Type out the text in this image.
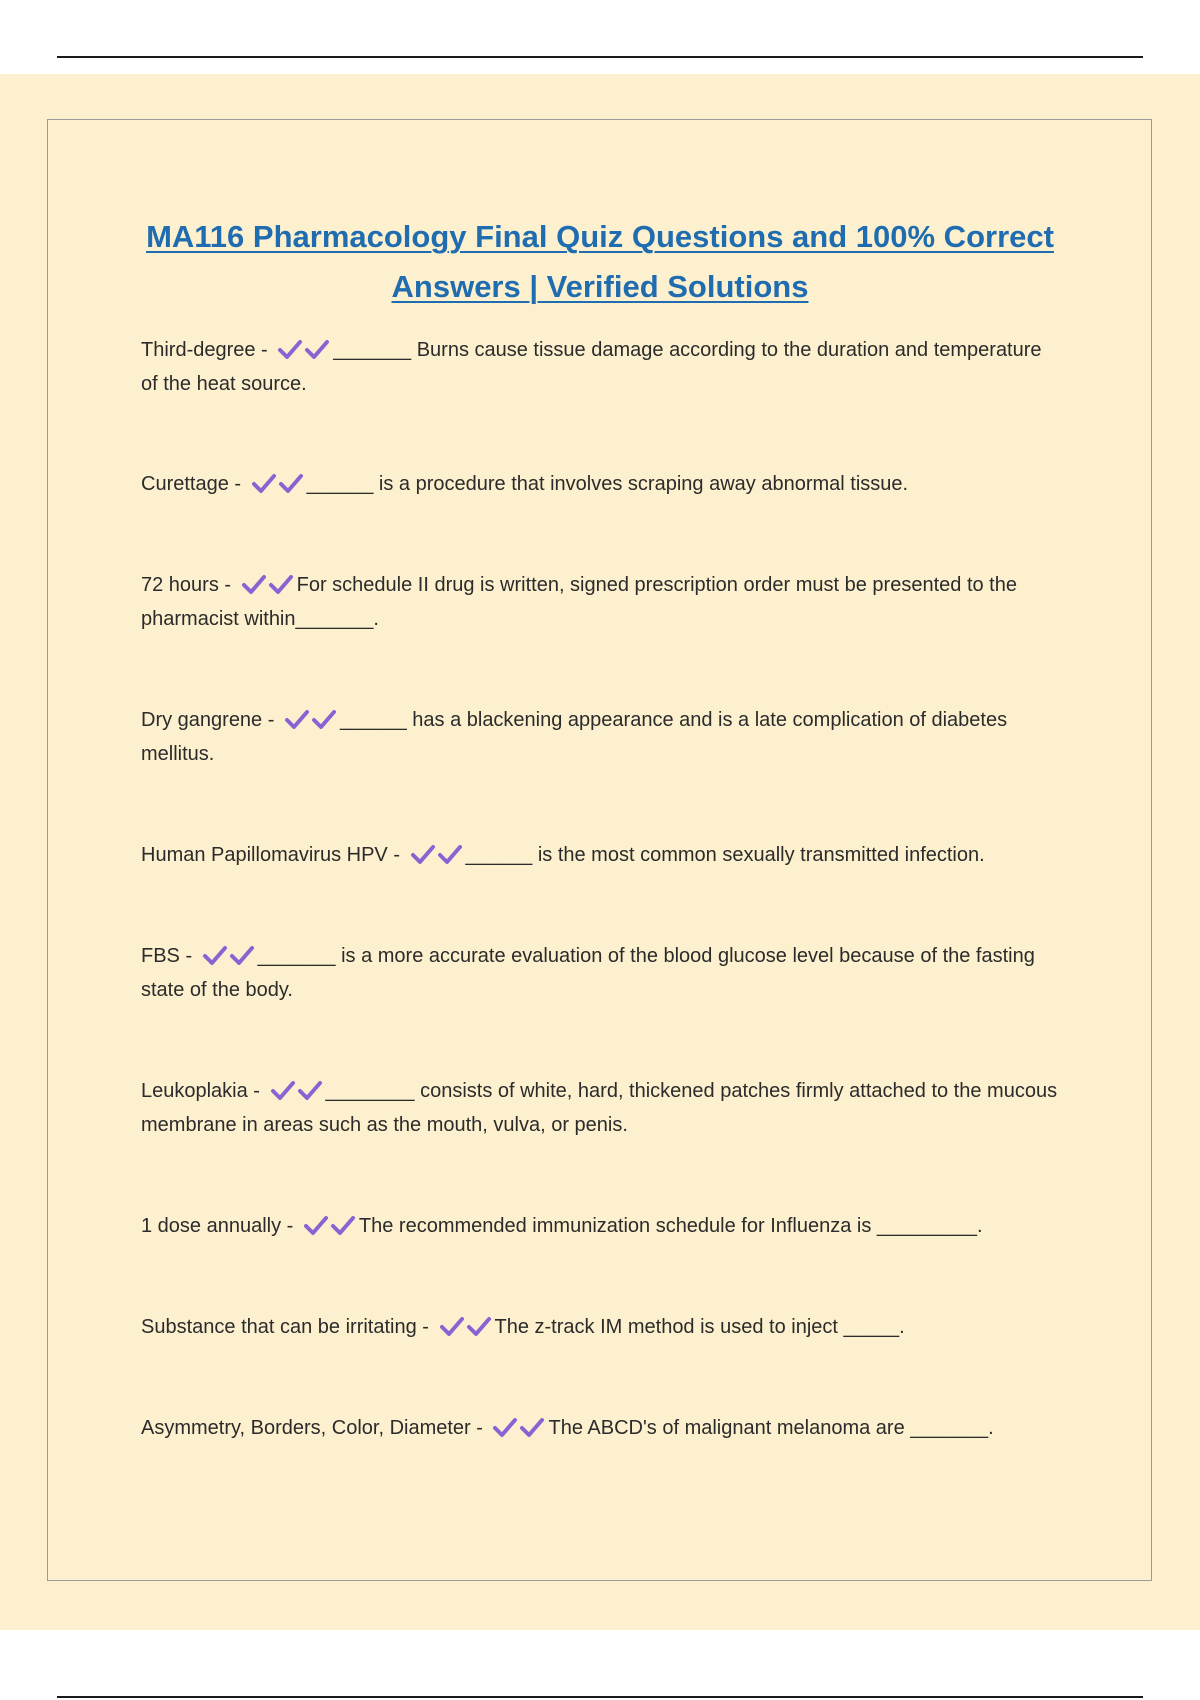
MA116 Pharmacology Final Quiz Questions and 100% Correct Answers | Verified Solutions
Third-degree -	_______ Burns cause tissue damage according to the duration and temperature of the heat source.
Curettage -	______ is a procedure that involves scraping away abnormal tissue.
72 hours -	For schedule II drug is written, signed prescription order must be presented to the pharmacist within_______.
Dry gangrene -	______ has a blackening appearance and is a late complication of diabetes mellitus.
Human Papillomavirus HPV -	______ is the most common sexually transmitted infection.
FBS -	_______ is a more accurate evaluation of the blood glucose level because of the fasting state of the body.
Leukoplakia -	________ consists of white, hard, thickened patches firmly attached to the mucous membrane in areas such as the mouth, vulva, or penis.
1 dose annually -	The recommended immunization schedule for Influenza is _________.
Substance that can be irritating -	The z-track IM method is used to inject _____.
Asymmetry, Borders, Color, Diameter -	The ABCD's of malignant melanoma are _______.
